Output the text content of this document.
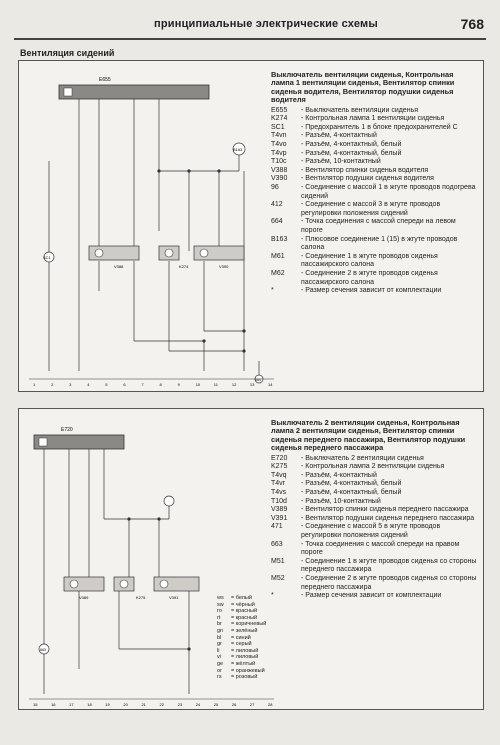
принципиальные электрические схемы	768
Вентиляция сидений
E655
B163
SC1
V388	K274	V390
664
1	2	3	4	5	6	7	8	9	10	11	12	13	14
Выключатель вентиляции сиденья, Контрольная лампа 1 вентиляции сиденья, Вентилятор спинки сиденья водителя, Вентилятор подушки сиденья водителя
E655	- Выключатель вентиляции сиденья
K274	- Контрольная лампа 1 вентиляции сиденья
SC1	- Предохранитель 1 в блоке предохранителей С
T4vn	- Разъём, 4-контактный
T4vo	- Разъём, 4-контактный, белый
T4vp	- Разъём, 4-контактный, белый
T10c	- Разъём, 10-контактный
V388	- Вентилятор спинки сиденья водителя
V390	- Вентилятор подушки сиденья водителя
96	- Соединение с массой 1 в жгуте проводов подогрева сидений
412	- Соединение с массой 3 в жгуте проводов регулировки положения сидений
664	- Точка соединения с массой спереди на левом пороге
B163	- Плюсовое соединение 1 (15) в жгуте проводов салона
M61	- Соединение 1 в жгуте проводов сиденья пассажирского салона
M62	- Соединение 2 в жгуте проводов сиденья пассажирского салона
*	- Размер сечения зависит от комплектации
E720
V389	K275	V391
663
15	16	17	18	19	20	21	22	23	24	25	26	27	28
ws	= белый
sw	= чёрный
ro	= красный
rt	= красный
br	= коричневый
gn	= зелёный
bl	= синий
gr	= серый
li	= лиловый
vi	= лиловый
ge	= жёлтый
or	= оранжевый
rs	= розовый
Выключатель 2 вентиляции сиденья, Контрольная лампа 2 вентиляции сиденья, Вентилятор спинки сиденья переднего пассажира, Вентилятор подушки сиденья переднего пассажира
E720	- Выключатель 2 вентиляции сиденья
K275	- Контрольная лампа 2 вентиляции сиденья
T4vq	- Разъём, 4-контактный
T4vr	- Разъём, 4-контактный, белый
T4vs	- Разъём, 4-контактный, белый
T10d	- Разъём, 10-контактный
V389	- Вентилятор спинки сиденья переднего пассажира
V391	- Вентилятор подушки сиденья переднего пассажира
471	- Соединение с массой 5 в жгуте проводов регулировки положения сидений
663	- Точка соединения с массой спереди на правом пороге
M51	- Соединение 1 в жгуте проводов сиденья со стороны переднего пассажира
M52	- Соединение 2 в жгуте проводов сиденья со стороны переднего пассажира
*	- Размер сечения зависит от комплектации
